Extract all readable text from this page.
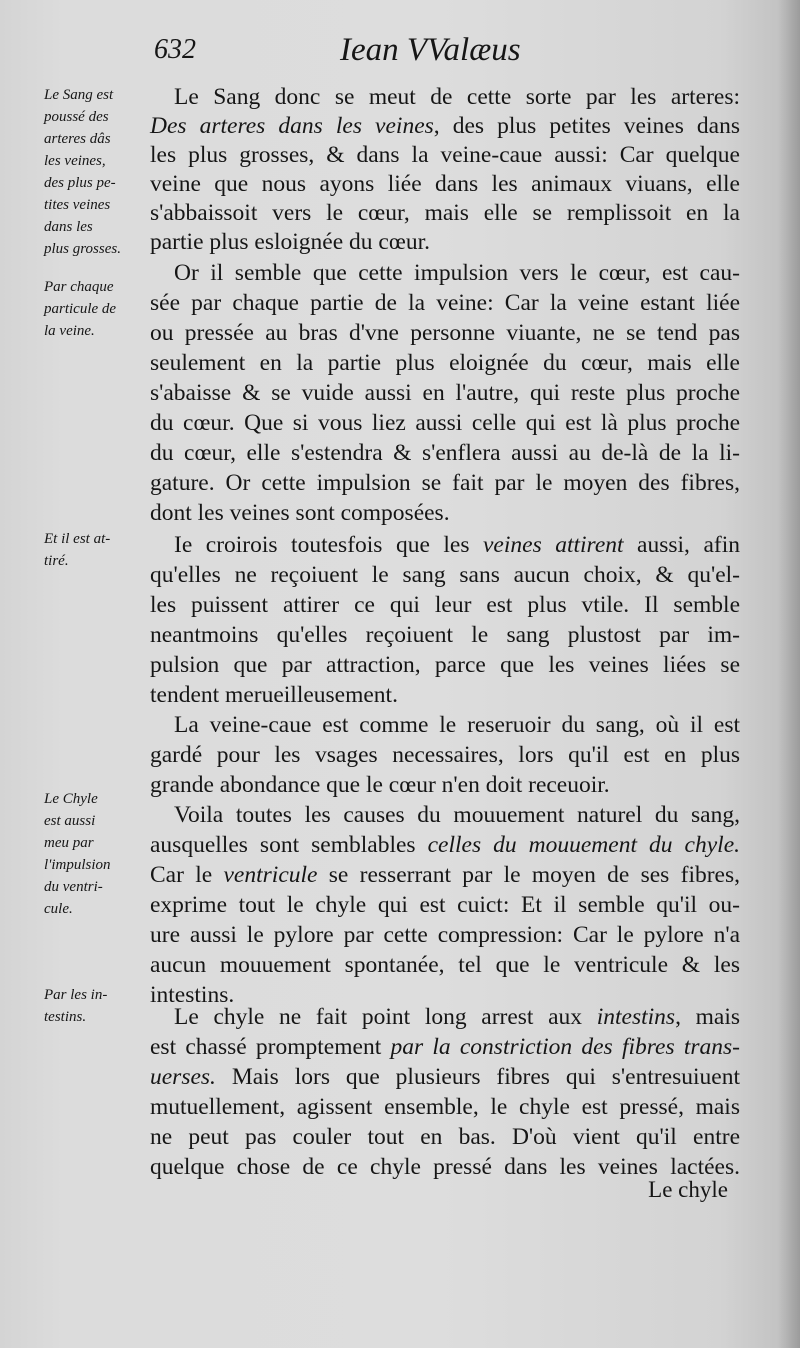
632	Iean VValæus
Le Sang est
poussé des
arteres dâs
les veines,
des plus pe-
tites veines
dans les
plus grosses.
Par chaque
particule de
la veine.
Et il est at-
tiré.
Le Chyle
est aussi
meu par
l'impulsion
du ventri-
cule.
Par les in-
testins.
Le Sang donc se meut de cette sorte par les arteres:
Des arteres dans les veines, des plus petites veines dans
les plus grosses, & dans la veine-caue aussi: Car quelque
veine que nous ayons liée dans les animaux viuans, elle
s'abbaissoit vers le cœur, mais elle se remplissoit en la
partie plus esloignée du cœur.
Or il semble que cette impulsion vers le cœur, est cau-
sée par chaque partie de la veine: Car la veine estant liée
ou pressée au bras d'vne personne viuante, ne se tend pas
seulement en la partie plus eloignée du cœur, mais elle
s'abaisse & se vuide aussi en l'autre, qui reste plus proche
du cœur. Que si vous liez aussi celle qui est là plus proche
du cœur, elle s'estendra & s'enflera aussi au de-là de la li-
gature. Or cette impulsion se fait par le moyen des fibres,
dont les veines sont composées.
Ie croirois toutesfois que les veines attirent aussi, afin
qu'elles ne reçoiuent le sang sans aucun choix, & qu'el-
les puissent attirer ce qui leur est plus vtile. Il semble
neantmoins qu'elles reçoiuent le sang plustost par im-
pulsion que par attraction, parce que les veines liées se
tendent merueilleusement.
La veine-caue est comme le reseruoir du sang, où il est
gardé pour les vsages necessaires, lors qu'il est en plus
grande abondance que le cœur n'en doit receuoir.
Voila toutes les causes du mouuement naturel du sang,
ausquelles sont semblables celles du mouuement du chyle.
Car le ventricule se resserrant par le moyen de ses fibres,
exprime tout le chyle qui est cuict: Et il semble qu'il ou-
ure aussi le pylore par cette compression: Car le pylore n'a
aucun mouuement spontanée, tel que le ventricule & les
intestins.
Le chyle ne fait point long arrest aux intestins, mais
est chassé promptement par la constriction des fibres trans-
uerses. Mais lors que plusieurs fibres qui s'entresuiuent
mutuellement, agissent ensemble, le chyle est pressé, mais
ne peut pas couler tout en bas. D'où vient qu'il entre
quelque chose de ce chyle pressé dans les veines lactées.
Le chyle
